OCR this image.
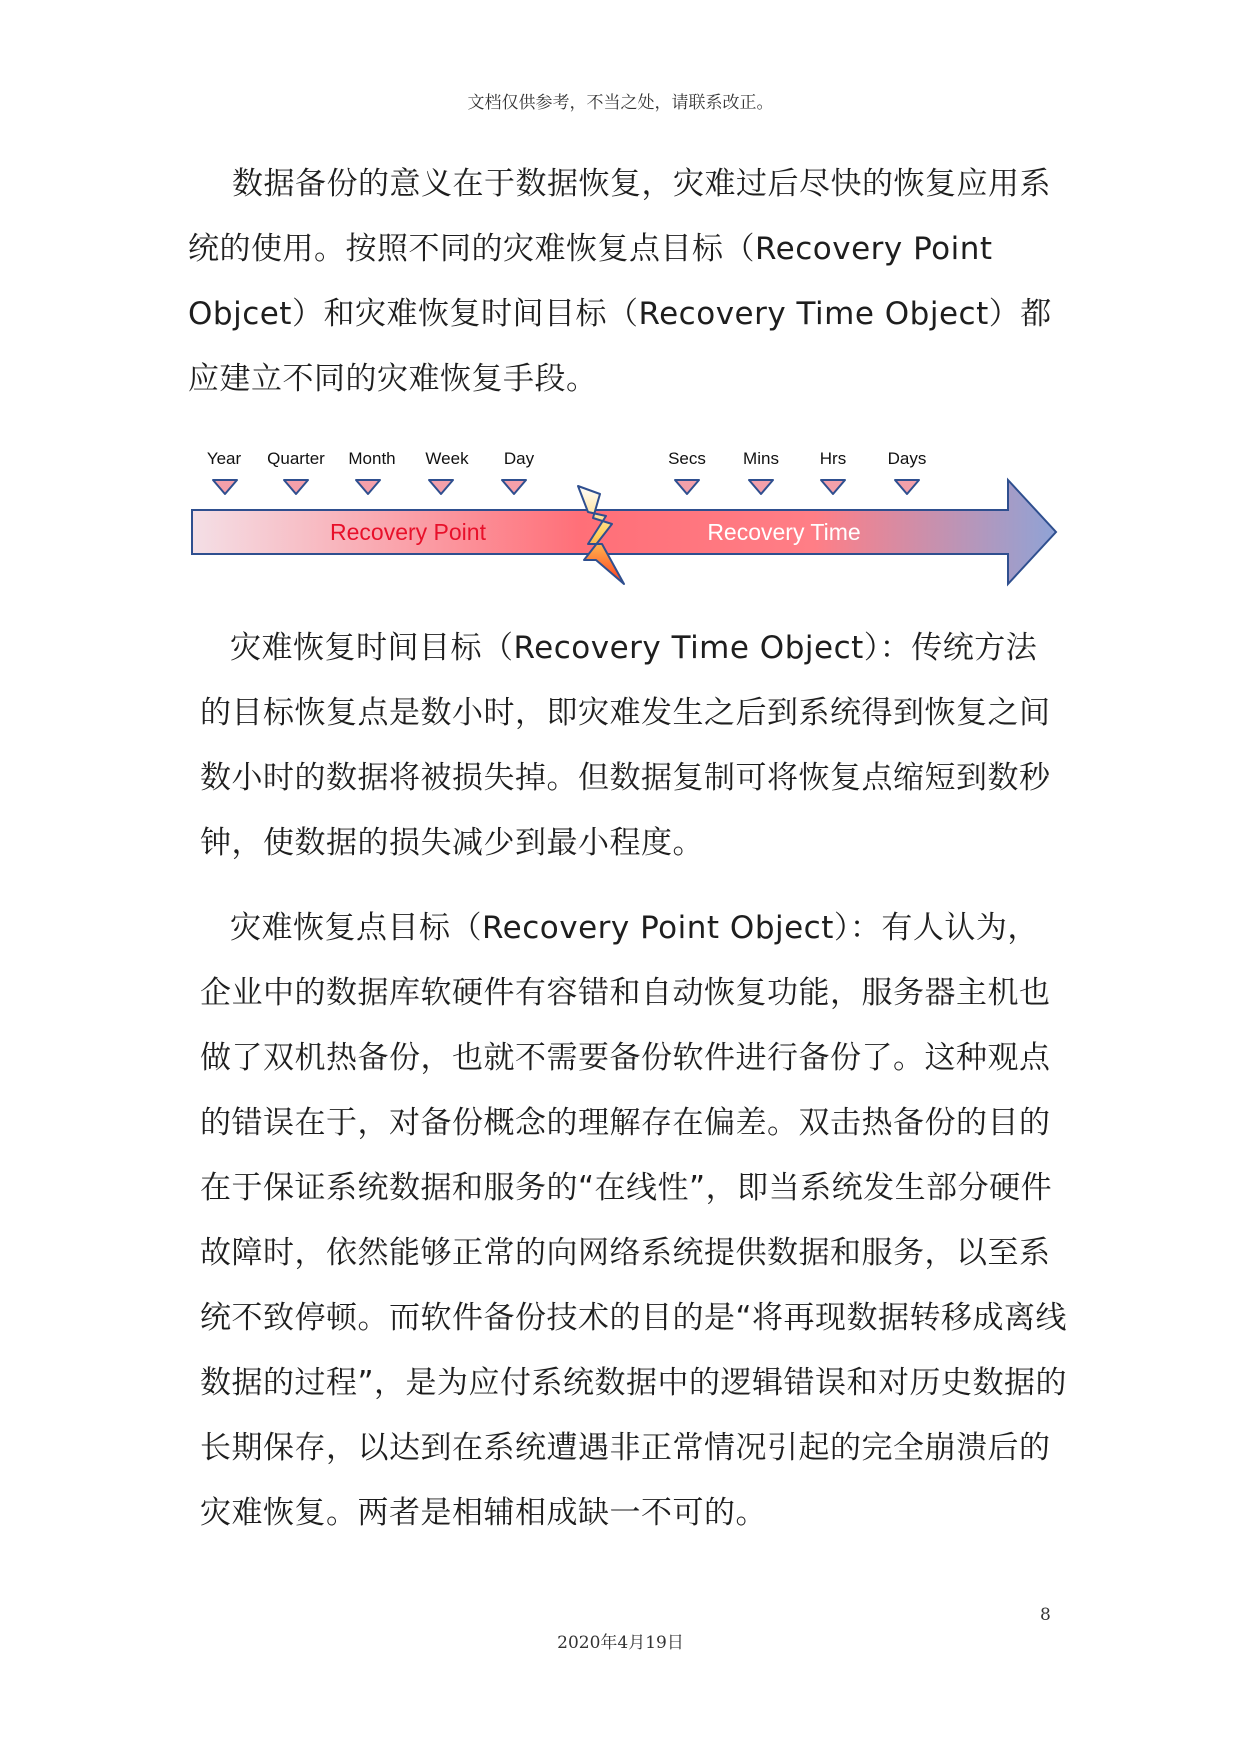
文档仅供参考，不当之处，请联系改正。

数据备份的意义在于数据恢复，灾难过后尽快的恢复应用系统的使用。按照不同的灾难恢复点目标（Recovery Point Objcet）和灾难恢复时间目标（Recovery Time Object）都应建立不同的灾难恢复手段。

Year Quarter Month Week Day	Secs Mins Hrs Days
Recovery Point	Recovery Time

灾难恢复时间目标（Recovery Time Object）：传统方法的目标恢复点是数小时，即灾难发生之后到系统得到恢复之间数小时的数据将被损失掉。但数据复制可将恢复点缩短到数秒钟，使数据的损失减少到最小程度。

灾难恢复点目标（Recovery Point Object）：有人认为，企业中的数据库软硬件有容错和自动恢复功能，服务器主机也做了双机热备份，也就不需要备份软件进行备份了。这种观点的错误在于，对备份概念的理解存在偏差。双击热备份的目的在于保证系统数据和服务的“在线性”，即当系统发生部分硬件故障时，依然能够正常的向网络系统提供数据和服务，以至系统不致停顿。而软件备份技术的目的是“将再现数据转移成离线数据的过程”，是为应付系统数据中的逻辑错误和对历史数据的长期保存，以达到在系统遭遇非正常情况引起的完全崩溃后的灾难恢复。两者是相辅相成缺一不可的。

8
2020年4月19日
